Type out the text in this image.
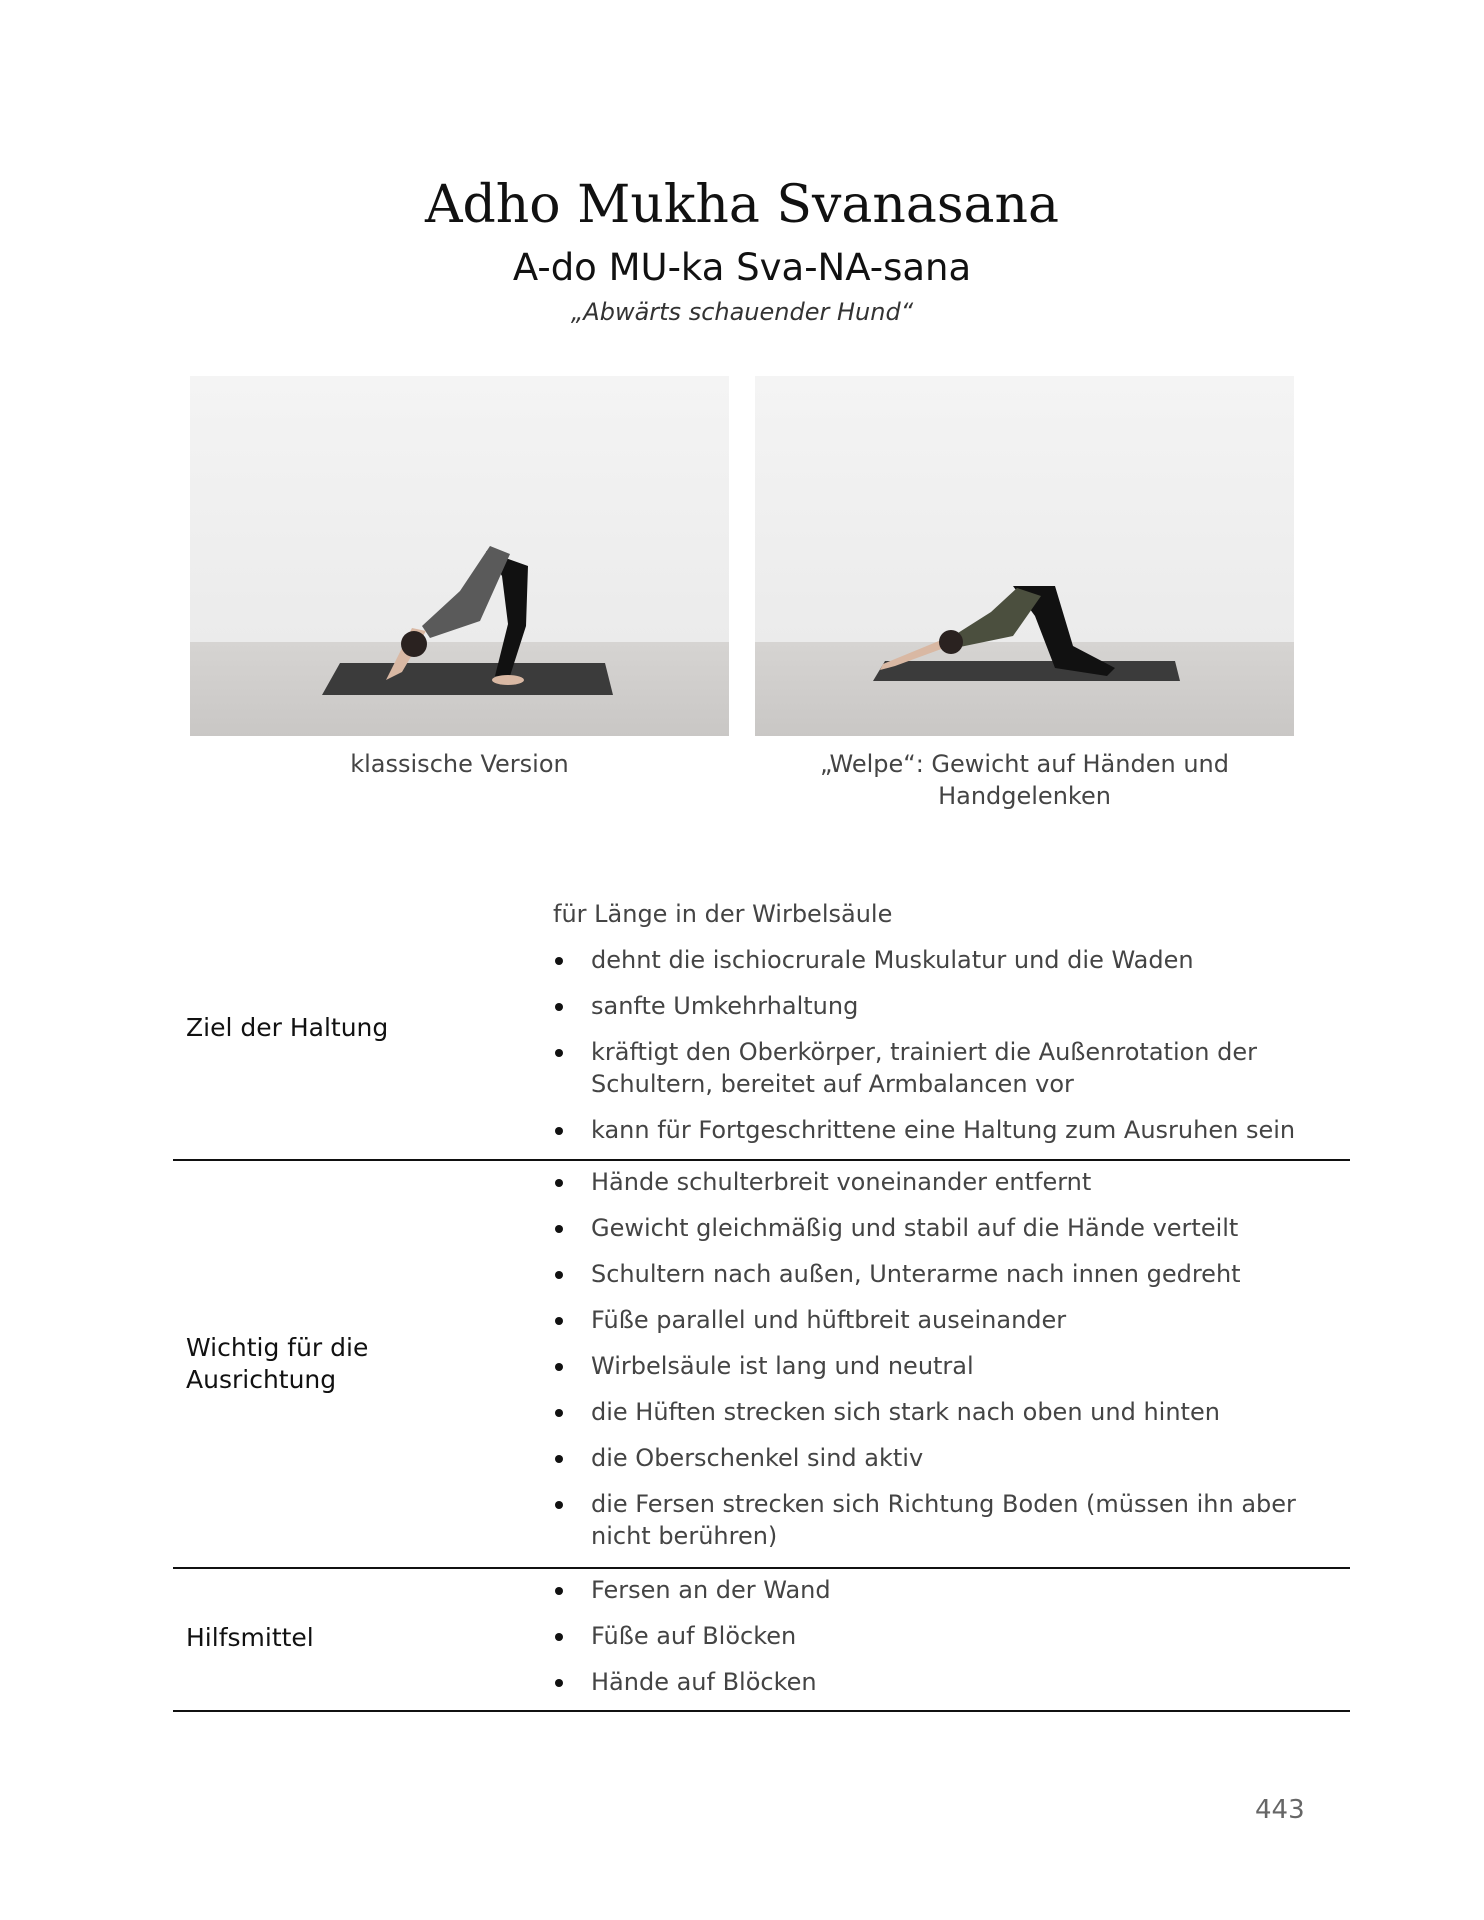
Adho Mukha Svanasana
A-do MU-ka Sva-NA-sana
„Abwärts schauender Hund“
klassische Version	„Welpe“: Gewicht auf Händen und
Handgelenken
Ziel der Haltung
für Länge in der Wirbelsäule
dehnt die ischiocrurale Muskulatur und die Waden
sanfte Umkehrhaltung
kräftigt den Oberkörper, trainiert die Außenrotation der Schultern, bereitet auf Armbalancen vor
kann für Fortgeschrittene eine Haltung zum Ausruhen sein
Wichtig für die
Ausrichtung
Hände schulterbreit voneinander entfernt
Gewicht gleichmäßig und stabil auf die Hände verteilt
Schultern nach außen, Unterarme nach innen gedreht
Füße parallel und hüftbreit auseinander
Wirbelsäule ist lang und neutral
die Hüften strecken sich stark nach oben und hinten
die Oberschenkel sind aktiv
die Fersen strecken sich Richtung Boden (müssen ihn aber nicht berühren)
Hilfsmittel
Fersen an der Wand
Füße auf Blöcken
Hände auf Blöcken
443
